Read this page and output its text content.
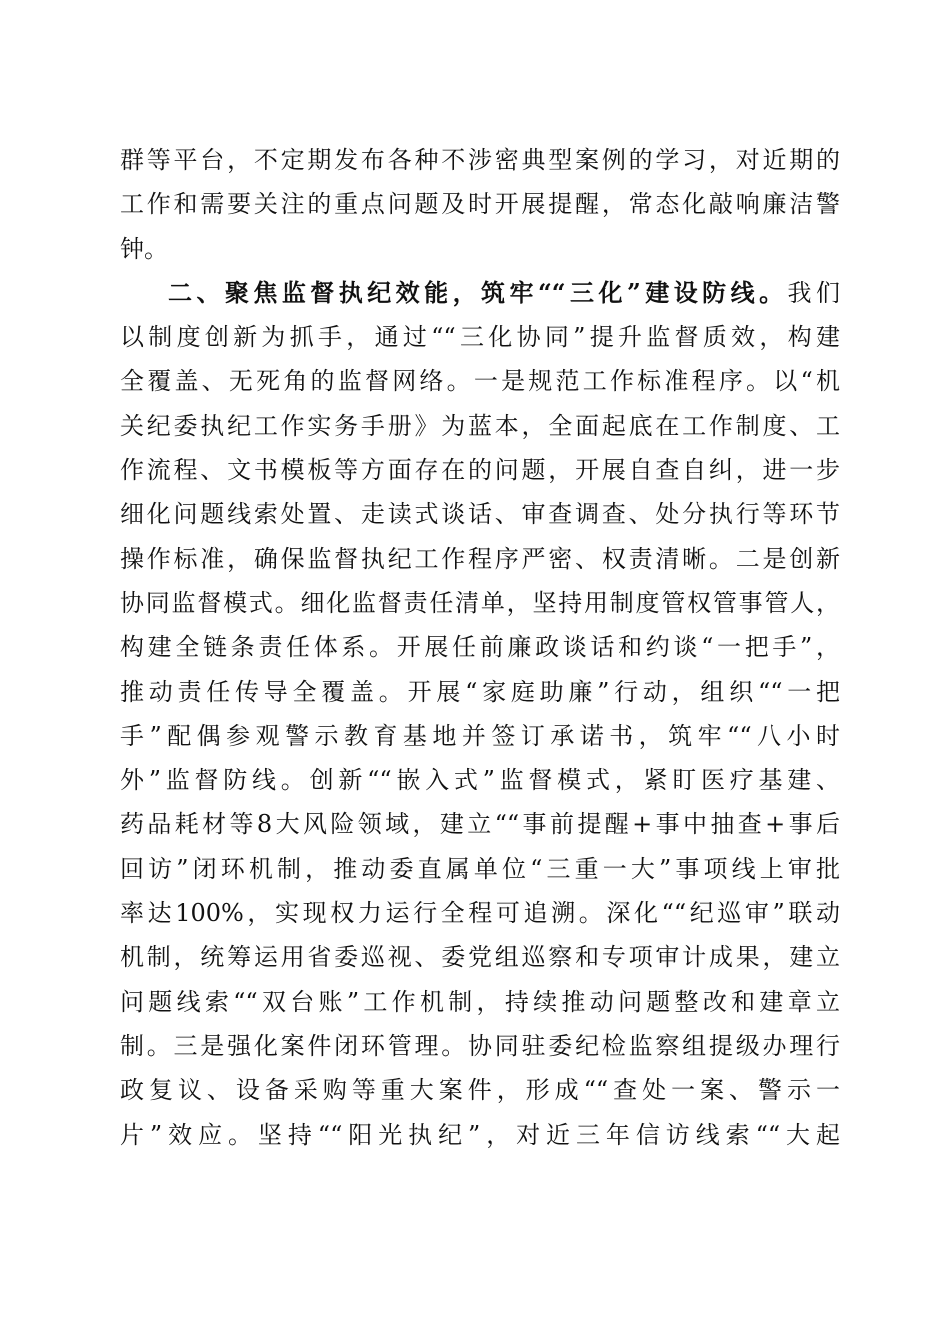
群等平台，不定期发布各种不涉密典型案例的学习，对近期的
工作和需要关注的重点问题及时开展提醒，常态化敲响廉洁警
钟。
二、聚焦监督执纪效能，筑牢““三化”建设防线。我们
以制度创新为抓手，通过““三化协同”提升监督质效，构建
全覆盖、无死角的监督网络。一是规范工作标准程序。以“机
关纪委执纪工作实务手册》为蓝本，全面起底在工作制度、工
作流程、文书模板等方面存在的问题，开展自查自纠，进一步
细化问题线索处置、走读式谈话、审查调查、处分执行等环节
操作标准，确保监督执纪工作程序严密、权责清晰。二是创新
协同监督模式。细化监督责任清单，坚持用制度管权管事管人，
构建全链条责任体系。开展任前廉政谈话和约谈“一把手”，
推动责任传导全覆盖。开展“家庭助廉”行动，组织““一把
手”配偶参观警示教育基地并签订承诺书，筑牢““八小时
外”监督防线。创新““嵌入式”监督模式，紧盯医疗基建、
药品耗材等8大风险领域，建立““事前提醒+事中抽查+事后
回访”闭环机制，推动委直属单位“三重一大”事项线上审批
率达100%，实现权力运行全程可追溯。深化““纪巡审”联动
机制，统筹运用省委巡视、委党组巡察和专项审计成果，建立
问题线索““双台账”工作机制，持续推动问题整改和建章立
制。三是强化案件闭环管理。协同驻委纪检监察组提级办理行
政复议、设备采购等重大案件，形成““查处一案、警示一
片”效应。坚持““阳光执纪”，对近三年信访线索““大起
